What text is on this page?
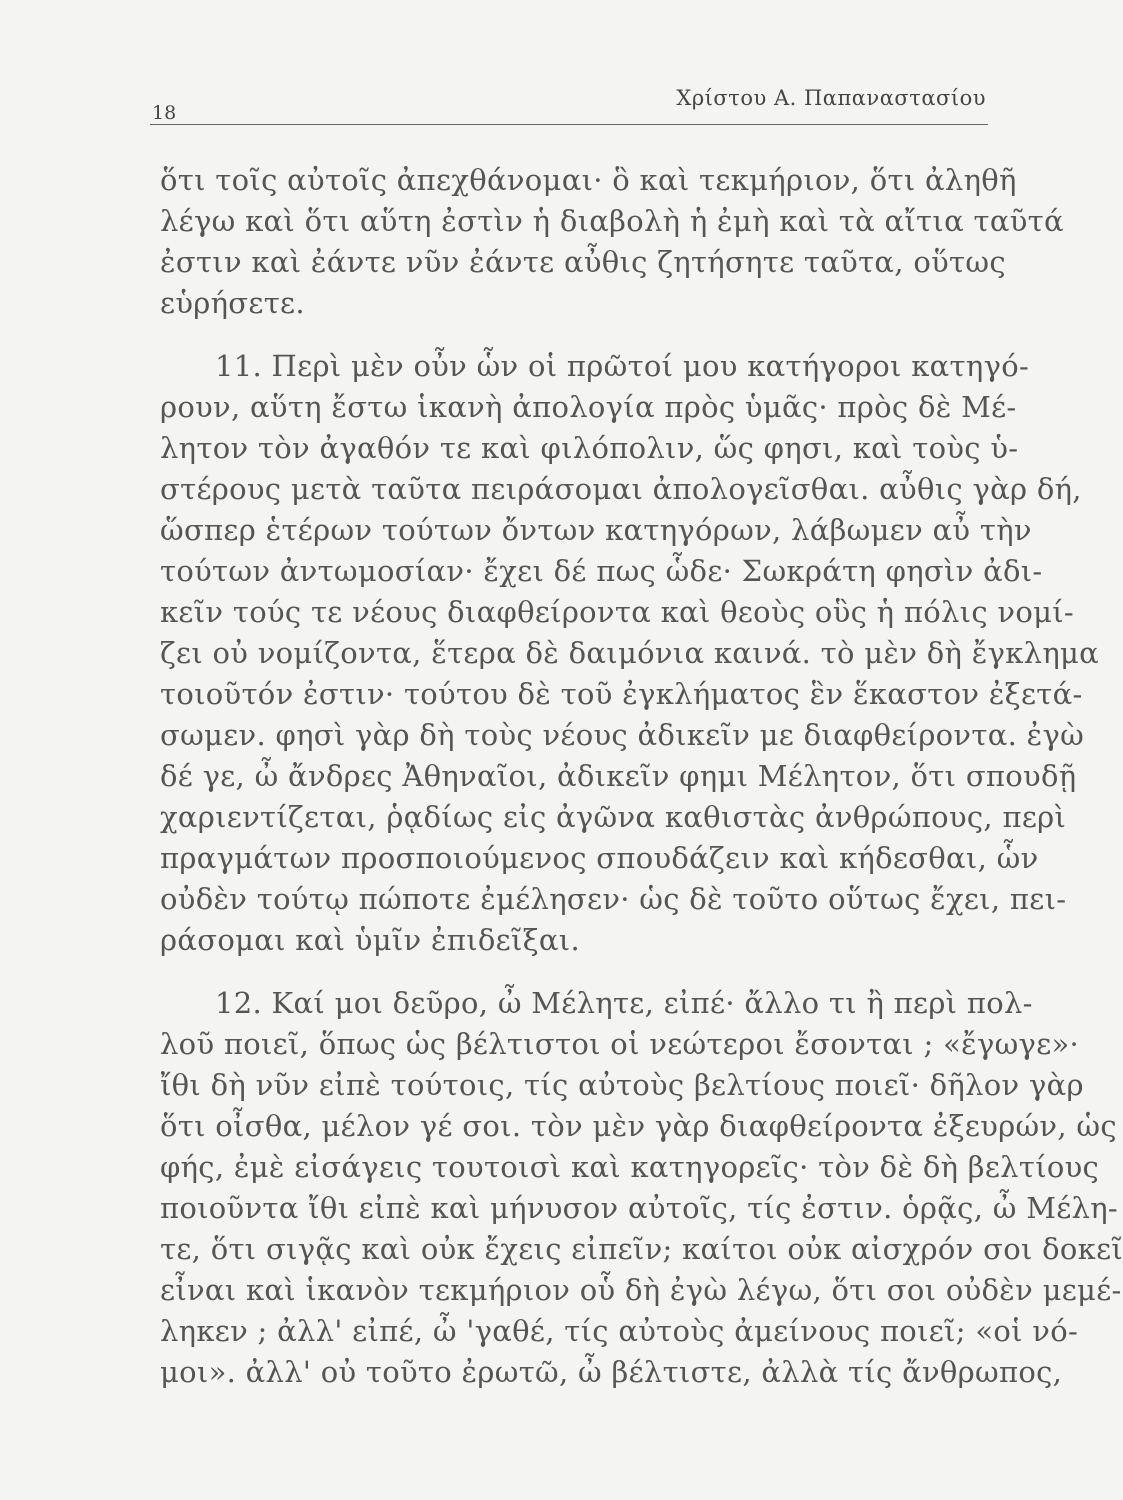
18
Χρίστου Α. Παπαναστασίου
ὅτι τοῖς αὐτοῖς ἀπεχθάνομαι· ὃ καὶ τεκμήριον, ὅτι ἀληθῆ
λέγω καὶ ὅτι αὕτη ἐστὶν ἡ διαβολὴ ἡ ἐμὴ καὶ τὰ αἴτια ταῦτά
ἐστιν καὶ ἐάντε νῦν ἐάντε αὖθις ζητήσητε ταῦτα, οὕτως
εὑρήσετε.
11. Περὶ μὲν οὖν ὧν οἱ πρῶτοί μου κατήγοροι κατηγό-
ρουν, αὕτη ἔστω ἱκανὴ ἀπολογία πρὸς ὑμᾶς· πρὸς δὲ Μέ-
λητον τὸν ἀγαθόν τε καὶ φιλόπολιν, ὥς φησι, καὶ τοὺς ὑ-
στέρους μετὰ ταῦτα πειράσομαι ἀπολογεῖσθαι. αὖθις γὰρ δή,
ὥσπερ ἑτέρων τούτων ὄντων κατηγόρων, λάβωμεν αὖ τὴν
τούτων ἀντωμοσίαν· ἔχει δέ πως ὧδε· Σωκράτη φησὶν ἀδι-
κεῖν τούς τε νέους διαφθείροντα καὶ θεοὺς οὓς ἡ πόλις νομί-
ζει οὐ νομίζοντα, ἕτερα δὲ δαιμόνια καινά. τὸ μὲν δὴ ἔγκλημα
τοιοῦτόν ἐστιν· τούτου δὲ τοῦ ἐγκλήματος ἓν ἕκαστον ἐξετά-
σωμεν. φησὶ γὰρ δὴ τοὺς νέους ἀδικεῖν με διαφθείροντα. ἐγὼ
δέ γε, ὦ ἄνδρες Ἀθηναῖοι, ἀδικεῖν φημι Μέλητον, ὅτι σπουδῇ
χαριεντίζεται, ῥᾳδίως εἰς ἀγῶνα καθιστὰς ἀνθρώπους, περὶ
πραγμάτων προσποιούμενος σπουδάζειν καὶ κήδεσθαι, ὧν
οὐδὲν τούτῳ πώποτε ἐμέλησεν· ὡς δὲ τοῦτο οὕτως ἔχει, πει-
ράσομαι καὶ ὑμῖν ἐπιδεῖξαι.
12. Καί μοι δεῦρο, ὦ Μέλητε, εἰπέ· ἄλλο τι ἢ περὶ πολ-
λοῦ ποιεῖ, ὅπως ὡς βέλτιστοι οἱ νεώτεροι ἔσονται ; «ἔγωγε»·
ἴθι δὴ νῦν εἰπὲ τούτοις, τίς αὐτοὺς βελτίους ποιεῖ· δῆλον γὰρ
ὅτι οἶσθα, μέλον γέ σοι. τὸν μὲν γὰρ διαφθείροντα ἐξευρών, ὡς
φής, ἐμὲ εἰσάγεις τουτοισὶ καὶ κατηγορεῖς· τὸν δὲ δὴ βελτίους
ποιοῦντα ἴθι εἰπὲ καὶ μήνυσον αὐτοῖς, τίς ἐστιν. ὁρᾷς, ὦ Μέλη-
τε, ὅτι σιγᾷς καὶ οὐκ ἔχεις εἰπεῖν; καίτοι οὐκ αἰσχρόν σοι δοκεῖ
εἶναι καὶ ἱκανὸν τεκμήριον οὗ δὴ ἐγὼ λέγω, ὅτι σοι οὐδὲν μεμέ-
ληκεν ; ἀλλ' εἰπέ, ὦ 'γαθέ, τίς αὐτοὺς ἀμείνους ποιεῖ; «οἱ νό-
μοι». ἀλλ' οὐ τοῦτο ἐρωτῶ, ὦ βέλτιστε, ἀλλὰ τίς ἄνθρωπος,
